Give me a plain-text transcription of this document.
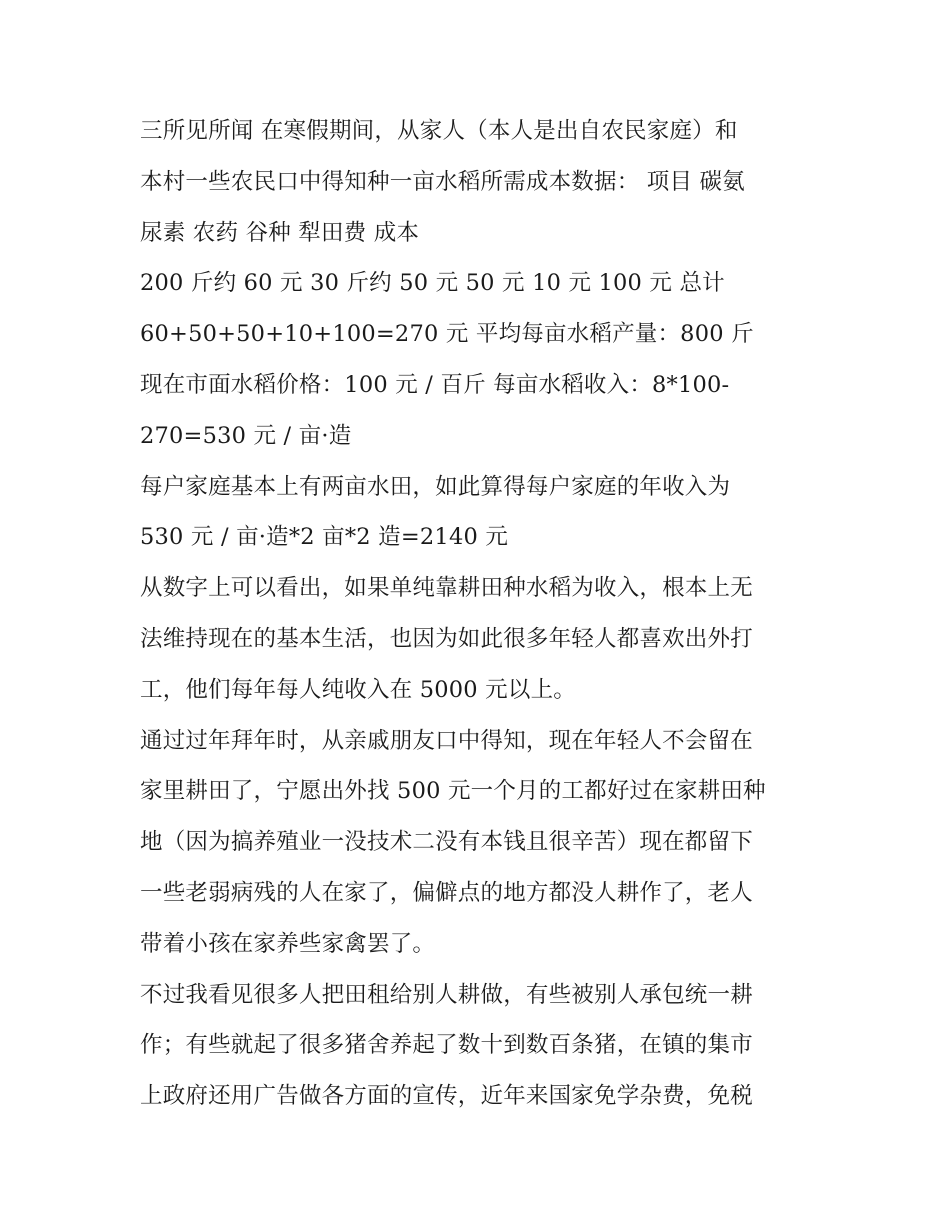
三所见所闻 在寒假期间，从家人（本人是出自农民家庭）和
本村一些农民口中得知种一亩水稻所需成本数据： 项目 碳氨
尿素 农药 谷种 犁田费 成本
200 斤约 60 元 30 斤约 50 元 50 元 10 元 100 元 总计
60+50+50+10+100=270 元 平均每亩水稻产量：800 斤
现在市面水稻价格：100 元 / 百斤 每亩水稻收入：8*100-
270=530 元 / 亩·造
每户家庭基本上有两亩水田，如此算得每户家庭的年收入为
530 元 / 亩·造*2 亩*2 造=2140 元
从数字上可以看出，如果单纯靠耕田种水稻为收入，根本上无
法维持现在的基本生活，也因为如此很多年轻人都喜欢出外打
工，他们每年每人纯收入在 5000 元以上。
通过过年拜年时，从亲戚朋友口中得知，现在年轻人不会留在
家里耕田了，宁愿出外找 500 元一个月的工都好过在家耕田种
地（因为搞养殖业一没技术二没有本钱且很辛苦）现在都留下
一些老弱病残的人在家了，偏僻点的地方都没人耕作了，老人
带着小孩在家养些家禽罢了。
不过我看见很多人把田租给别人耕做，有些被别人承包统一耕
作；有些就起了很多猪舍养起了数十到数百条猪，在镇的集市
上政府还用广告做各方面的宣传，近年来国家免学杂费，免税
